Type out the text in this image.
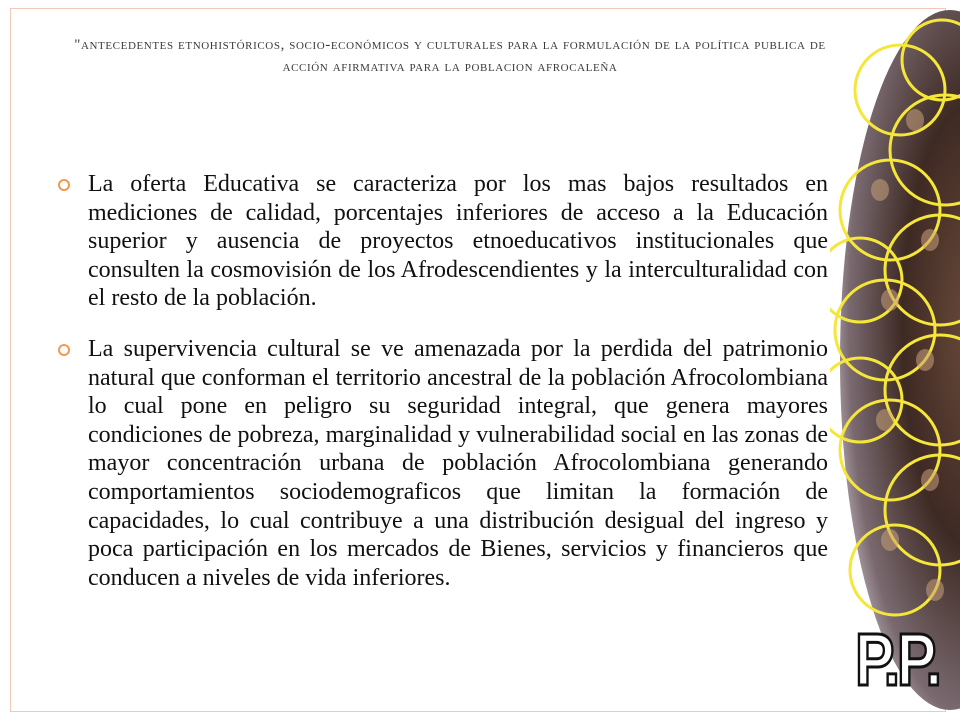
"antecedentes etnohistóricos, socio-económicos y culturales para la formulación de la política publica de acción afirmativa para la poblacion afrocaleña
La oferta Educativa se caracteriza por los mas bajos resultados en mediciones de calidad, porcentajes inferiores de acceso a la Educación superior y ausencia de proyectos etnoeducativos institucionales que consulten la cosmovisión de los Afrodescendientes y la interculturalidad con el resto de la población.
La supervivencia cultural se ve amenazada por la perdida del patrimonio natural que conforman el territorio ancestral de la población Afrocolombiana lo cual pone en peligro su seguridad integral, que genera mayores condiciones de pobreza, marginalidad y vulnerabilidad social en las zonas de mayor concentración urbana de población Afrocolombiana generando comportamientos sociodemograficos que limitan la formación de capacidades, lo cual contribuye a una distribución desigual del ingreso y poca participación en los mercados de Bienes, servicios y financieros que conducen a niveles de vida inferiores.
P.P.
